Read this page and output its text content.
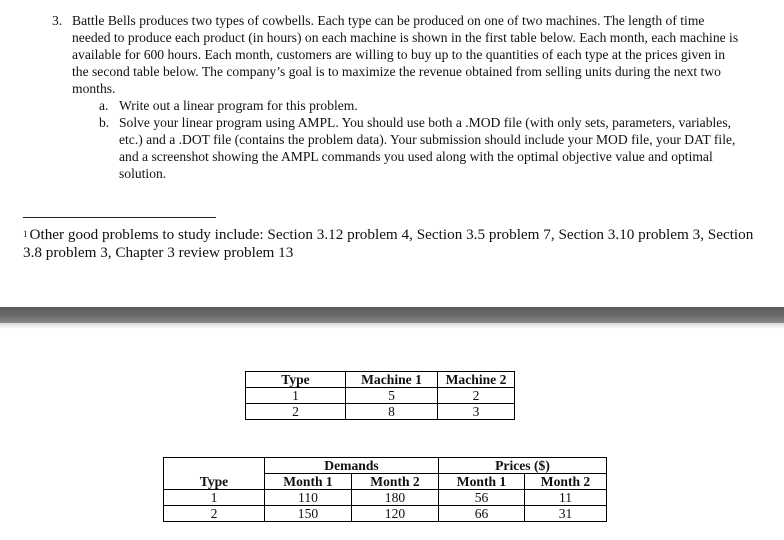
3. Battle Bells produces two types of cowbells. Each type can be produced on one of two machines. The length of time needed to produce each product (in hours) on each machine is shown in the first table below. Each month, each machine is available for 600 hours. Each month, customers are willing to buy up to the quantities of each type at the prices given in the second table below. The company’s goal is to maximize the revenue obtained from selling units during the next two months.
a. Write out a linear program for this problem.
b. Solve your linear program using AMPL. You should use both a .MOD file (with only sets, parameters, variables, etc.) and a .DOT file (contains the problem data). Your submission should include your MOD file, your DAT file, and a screenshot showing the AMPL commands you used along with the optimal objective value and optimal solution.
$^1$ Other good problems to study include: Section 3.12 problem 4, Section 3.5 problem 7, Section 3.10 problem 3, Section 3.8 problem 3, Chapter 3 review problem 13
Type	Machine 1	Machine 2
1	5	2
2	8	3
	Demands		Prices ($)	
Type	Month 1	Month 2	Month 1	Month 2
1	110	180	56	11
2	150	120	66	31
